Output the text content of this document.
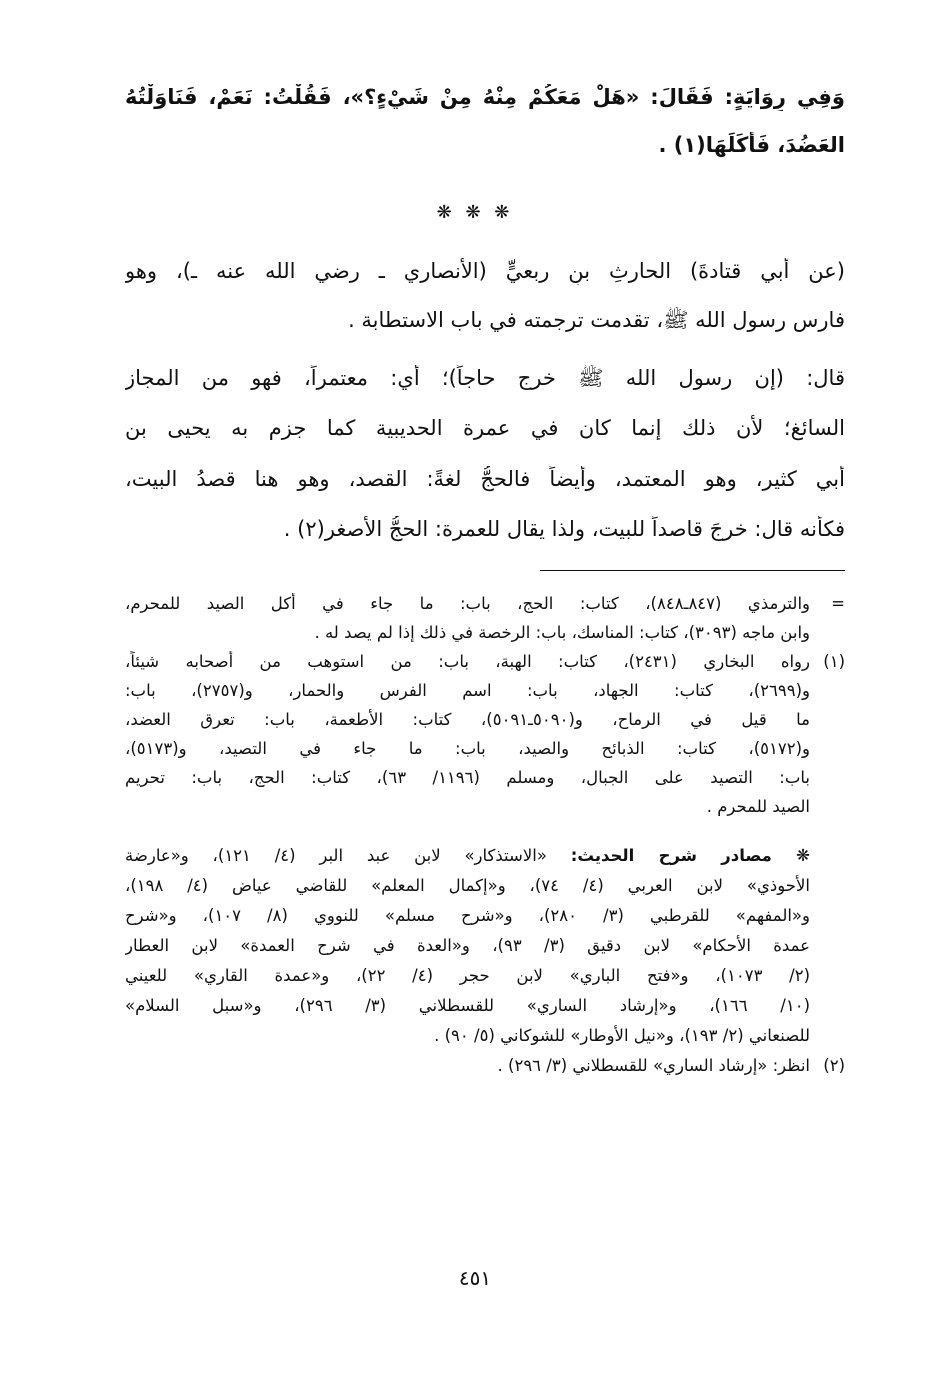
وَفِي رِوَايَةٍ: فَقَالَ: «هَلْ مَعَكُمْ مِنْهُ مِنْ شَيْءٍ؟»، فَقُلْتُ: نَعَمْ، فَنَاوَلْتُهُ
العَضُدَ، فَأَكَلَهَا(١) .
❋ ❋ ❋
(عن أبي قتادةَ) الحارثِ بنِ ربعيٍّ (الأنصاري ـ رضي الله عنه ـ)، وهو
فارس رسول الله ﷺ، تقدمت ترجمته في باب الاستطابة .
قال: (إن رسول الله ﷺ خرج حاجاً)؛ أي: معتمراً، فهو من المجاز
السائغ؛ لأن ذلك إنما كان في عمرة الحديبية كما جزم به يحيى بن
أبي كثير، وهو المعتمد، وأيضاً فالحجُّ لغةً: القصد، وهو هنا قصدُ البيت،
فكأنه قال: خرجَ قاصداً للبيت، ولذا يقال للعمرة: الحجُّ الأصغر(٢) .
=
والترمذي (٨٤٧ـ٨٤٨)، كتاب: الحج، باب: ما جاء في أكل الصيد للمحرم،
وابن ماجه (٣٠٩٣)، كتاب: المناسك، باب: الرخصة في ذلك إذا لم يصد له .
(١)
رواه البخاري (٢٤٣١)، كتاب: الهبة، باب: من استوهب من أصحابه شيئاً،
و(٢٦٩٩)، كتاب: الجهاد، باب: اسم الفرس والحمار، و(٢٧٥٧)، باب:
ما قيل في الرماح، و(٥٠٩٠ـ٥٠٩١)، كتاب: الأطعمة، باب: تعرق العضد،
و(٥١٧٢)، كتاب: الذبائح والصيد، باب: ما جاء في التصيد، و(٥١٧٣)،
باب: التصيد على الجبال، ومسلم (١١٩٦/ ٦٣)، كتاب: الحج، باب: تحريم
الصيد للمحرم .
❋ مصادر شرح الحديث: «الاستذكار» لابن عبد البر (٤/ ١٢١)، و«عارضة
الأحوذي» لابن العربي (٤/ ٧٤)، و«إكمال المعلم» للقاضي عياض (٤/ ١٩٨)،
و«المفهم» للقرطبي (٣/ ٢٨٠)، و«شرح مسلم» للنووي (٨/ ١٠٧)، و«شرح
عمدة الأحكام» لابن دقيق (٣/ ٩٣)، و«العدة في شرح العمدة» لابن العطار
(٢/ ١٠٧٣)، و«فتح الباري» لابن حجر (٤/ ٢٢)، و«عمدة القاري» للعيني
(١٠/ ١٦٦)، و«إرشاد الساري» للقسطلاني (٣/ ٢٩٦)، و«سبل السلام»
للصنعاني (٢/ ١٩٣)، و«نيل الأوطار» للشوكاني (٥/ ٩٠) .
(٢)
انظر: «إرشاد الساري» للقسطلاني (٣/ ٢٩٦) .
٤٥١
